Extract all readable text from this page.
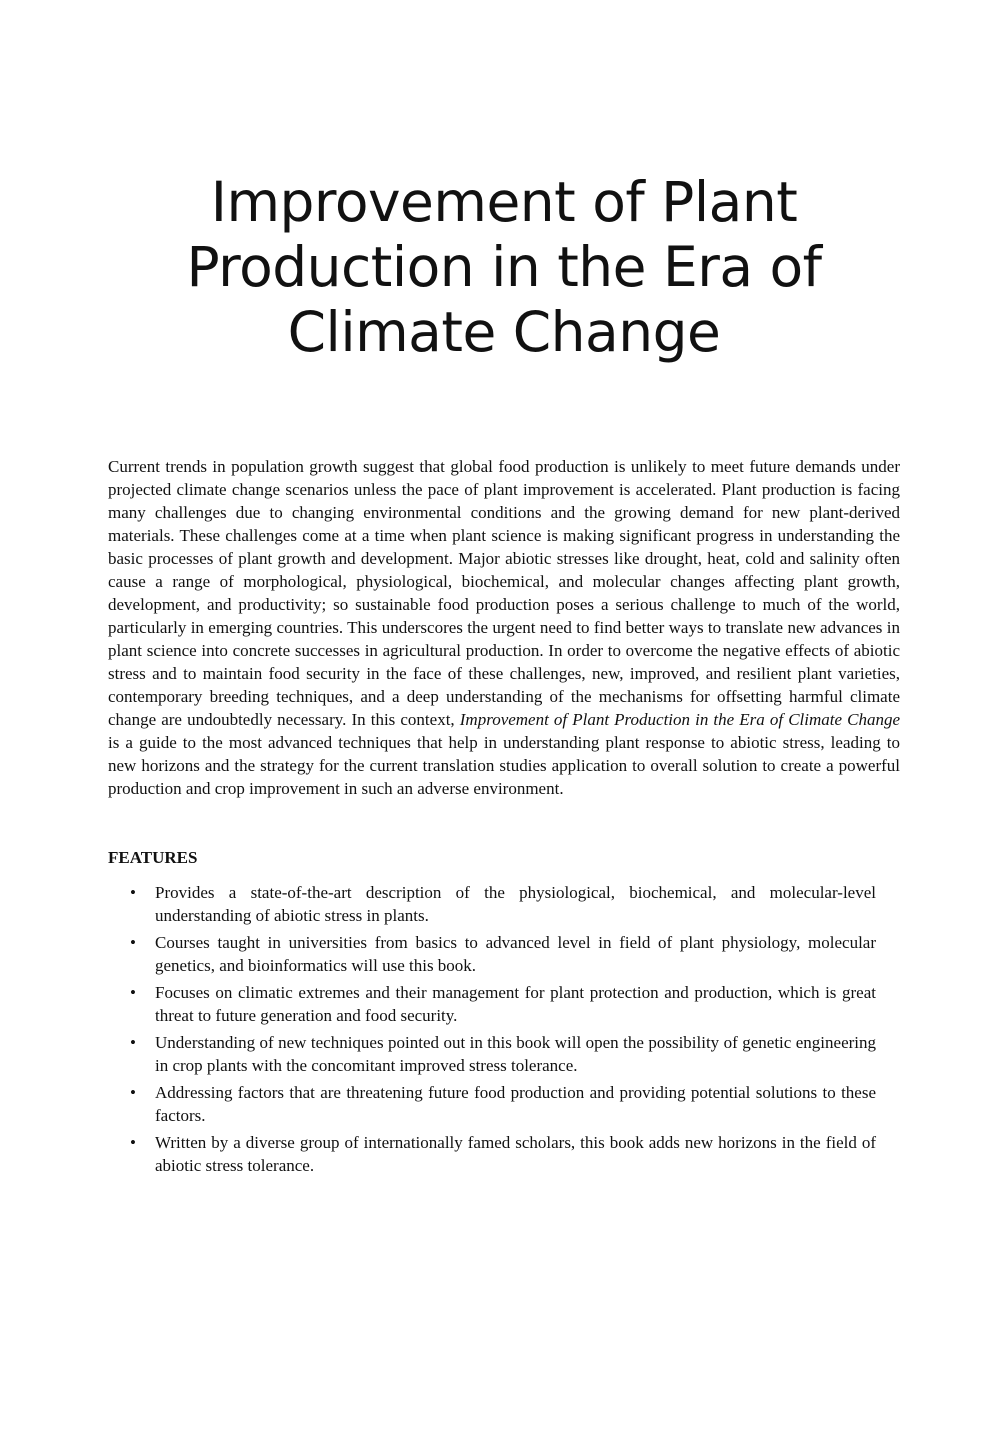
Improvement of Plant
Production in the Era of
Climate Change

Current trends in population growth suggest that global food production is unlikely to meet future demands under projected climate change scenarios unless the pace of plant improvement is accelerated. Plant production is facing many challenges due to changing environmental conditions and the growing demand for new plant-derived materials. These challenges come at a time when plant science is making significant progress in understanding the basic processes of plant growth and development. Major abiotic stresses like drought, heat, cold and salinity often cause a range of morphological, physiological, biochemical, and molecular changes affecting plant growth, development, and productivity; so sustainable food production poses a serious challenge to much of the world, particularly in emerging countries. This underscores the urgent need to find better ways to translate new advances in plant science into concrete successes in agricultural production. In order to overcome the negative effects of abiotic stress and to maintain food security in the face of these challenges, new, improved, and resilient plant varieties, contemporary breeding techniques, and a deep understanding of the mechanisms for offsetting harmful climate change are undoubtedly necessary. In this context, Improvement of Plant Production in the Era of Climate Change is a guide to the most advanced techniques that help in understanding plant response to abiotic stress, leading to new horizons and the strategy for the current translation studies application to overall solution to create a powerful production and crop improvement in such an adverse environment.

FEATURES
• Provides a state-of-the-art description of the physiological, biochemical, and molecular-level understanding of abiotic stress in plants.
• Courses taught in universities from basics to advanced level in field of plant physiology, molecular genetics, and bioinformatics will use this book.
• Focuses on climatic extremes and their management for plant protection and production, which is great threat to future generation and food security.
• Understanding of new techniques pointed out in this book will open the possibility of genetic engineering in crop plants with the concomitant improved stress tolerance.
• Addressing factors that are threatening future food production and providing potential solutions to these factors.
• Written by a diverse group of internationally famed scholars, this book adds new horizons in the field of abiotic stress tolerance.
